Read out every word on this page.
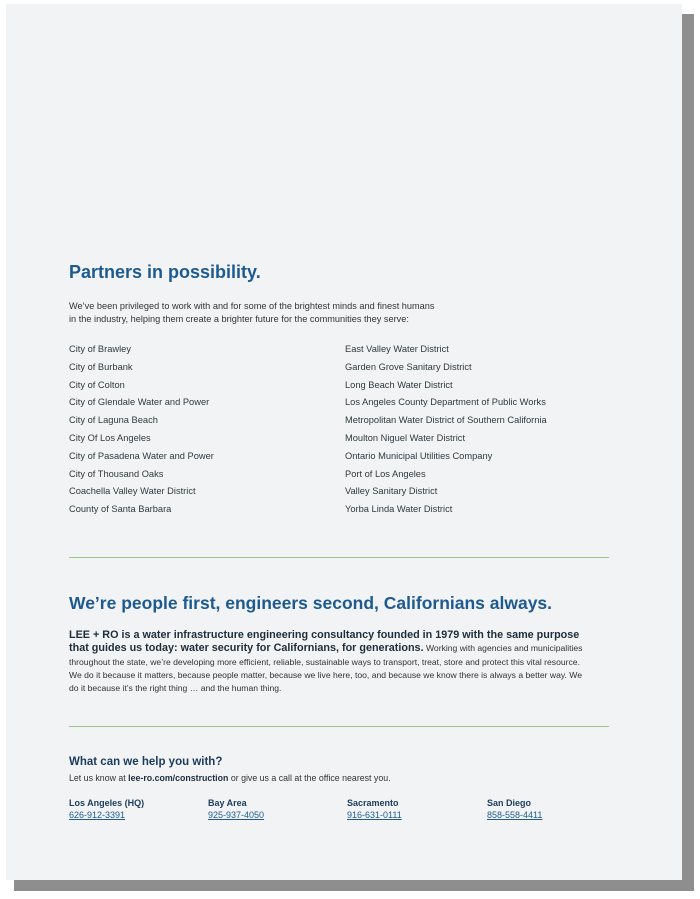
Partners in possibility.
We’ve been privileged to work with and for some of the brightest minds and finest humans
in the industry, helping them create a brighter future for the communities they serve:
City of Brawley
City of Burbank
City of Colton
City of Glendale Water and Power
City of Laguna Beach
City Of Los Angeles
City of Pasadena Water and Power
City of Thousand Oaks
Coachella Valley Water District
County of Santa Barbara
East Valley Water District
Garden Grove Sanitary District
Long Beach Water District
Los Angeles County Department of Public Works
Metropolitan Water District of Southern California
Moulton Niguel Water District
Ontario Municipal Utilities Company
Port of Los Angeles
Valley Sanitary District
Yorba Linda Water District
We’re people first, engineers second, Californians always.

LEE + RO is a water infrastructure engineering consultancy founded in 1979 with the same purpose that guides us today: water security for Californians, for generations. Working with agencies and municipalities throughout the state, we’re developing more efficient, reliable, sustainable ways to transport, treat, store and protect this vital resource. We do it because it matters, because people matter, because we live here, too, and because we know there is always a better way. We do it because it’s the right thing … and the human thing.

What can we help you with?
Let us know at lee-ro.com/construction or give us a call at the office nearest you.
Los Angeles (HQ)
626-912-3391
Bay Area
925-937-4050
Sacramento
916-631-0111
San Diego
858-558-4411
